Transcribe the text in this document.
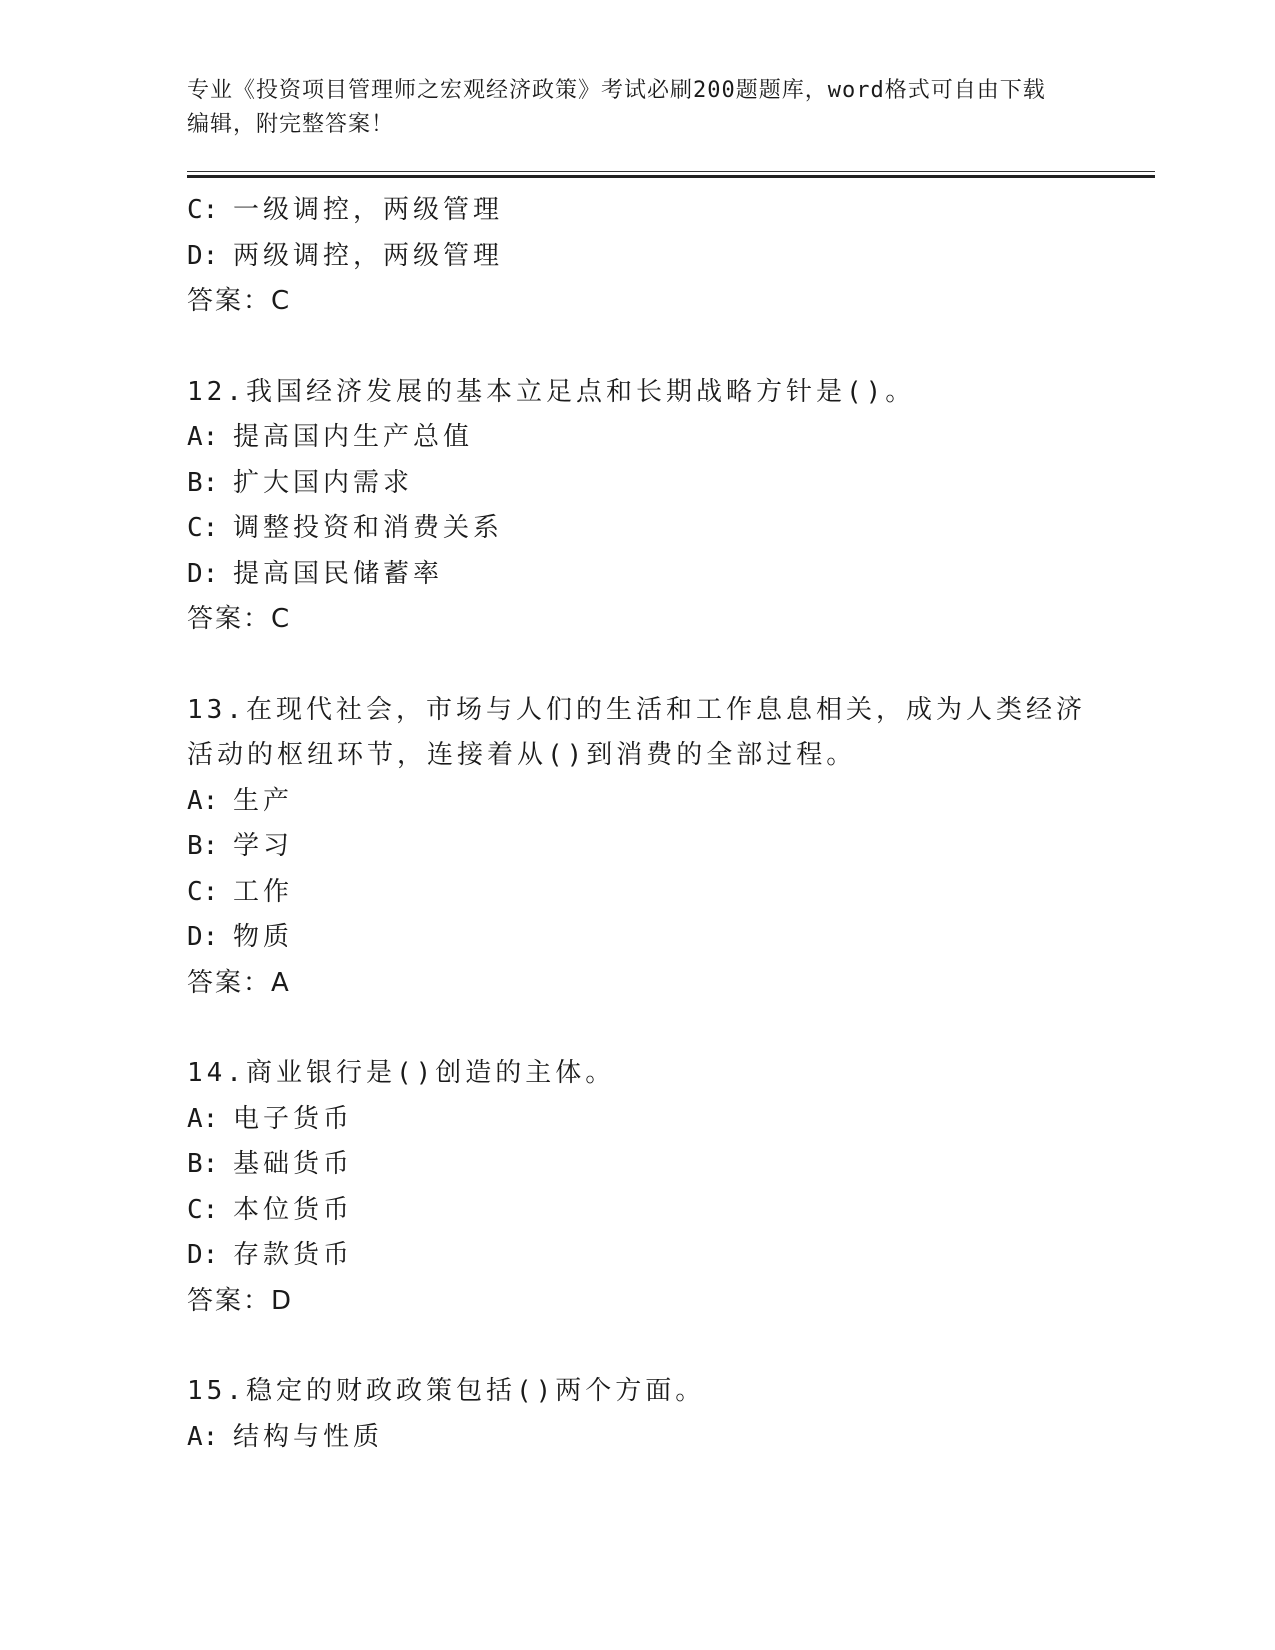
专业《投资项目管理师之宏观经济政策》考试必刷200题题库，word格式可自由下载编辑，附完整答案！
C: 一级调控，两级管理
D: 两级调控，两级管理
答案：C
12.我国经济发展的基本立足点和长期战略方针是()。
A: 提高国内生产总值
B: 扩大国内需求
C: 调整投资和消费关系
D: 提高国民储蓄率
答案：C
13.在现代社会，市场与人们的生活和工作息息相关，成为人类经济活动的枢纽环节，连接着从()到消费的全部过程。
A: 生产
B: 学习
C: 工作
D: 物质
答案：A
14.商业银行是()创造的主体。
A: 电子货币
B: 基础货币
C: 本位货币
D: 存款货币
答案：D
15.稳定的财政政策包括()两个方面。
A: 结构与性质
